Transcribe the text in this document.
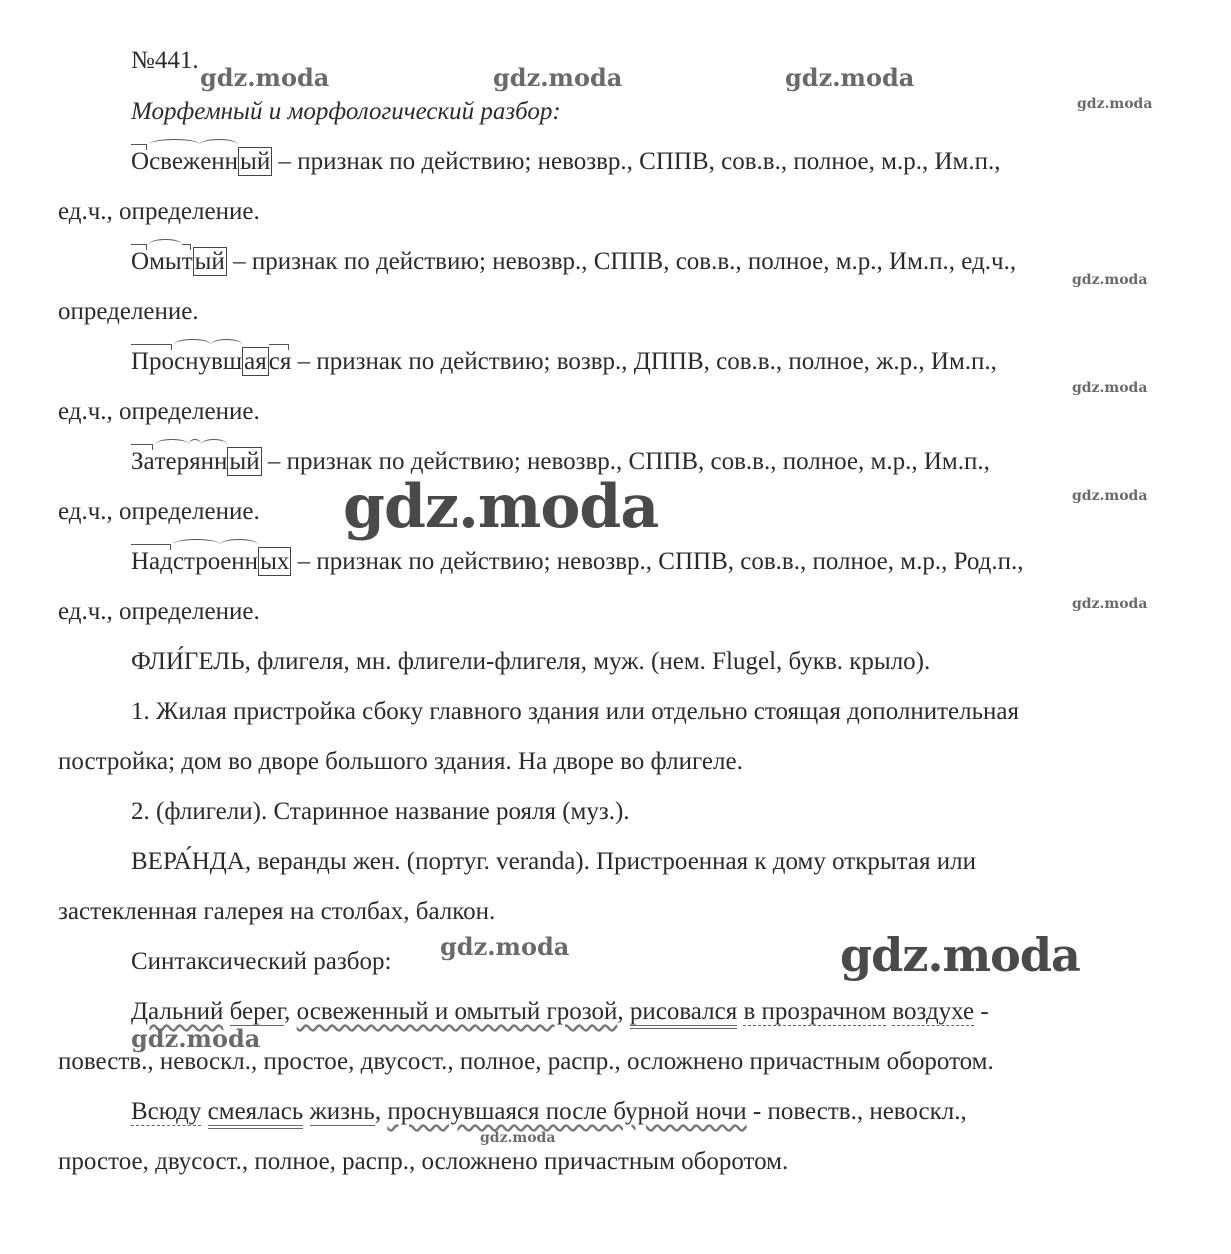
gdz.moda	gdz.moda	gdz.moda
gdz.moda
gdz.moda
gdz.moda
gdz.moda
gdz.moda
gdz.moda
gdz.moda	gdz.moda
gdz.moda
gdz.moda
№441.
Морфемный и морфологический разбор:
Освеженный – признак по действию; невозвр., СППВ, сов.в., полное, м.р., Им.п.,
ед.ч., определение.
Омытый – признак по действию; невозвр., СППВ, сов.в., полное, м.р., Им.п., ед.ч.,
определение.
Проснувшаяся – признак по действию; возвр., ДППВ, сов.в., полное, ж.р., Им.п.,
ед.ч., определение.
Затерянный – признак по действию; невозвр., СППВ, сов.в., полное, м.р., Им.п.,
ед.ч., определение.
Надстроенных – признак по действию; невозвр., СППВ, сов.в., полное, м.р., Род.п.,
ед.ч., определение.
ФЛИ́ГЕЛЬ, флигеля, мн. флигели-флигеля, муж. (нем. Flugel, букв. крыло).
1. Жилая пристройка сбоку главного здания или отдельно стоящая дополнительная
постройка; дом во дворе большого здания. На дворе во флигеле.
2. (флигели). Старинное название рояля (муз.).
ВЕРА́НДА, веранды жен. (португ. veranda). Пристроенная к дому открытая или
застекленная галерея на столбах, балкон.
Синтаксический разбор:
Дальний берег, освеженный и омытый грозой, рисовался в прозрачном воздухе -
повеств., невоскл., простое, двусост., полное, распр., осложнено причастным оборотом.
Всюду смеялась жизнь, проснувшаяся после бурной ночи - повеств., невоскл.,
простое, двусост., полное, распр., осложнено причастным оборотом.
